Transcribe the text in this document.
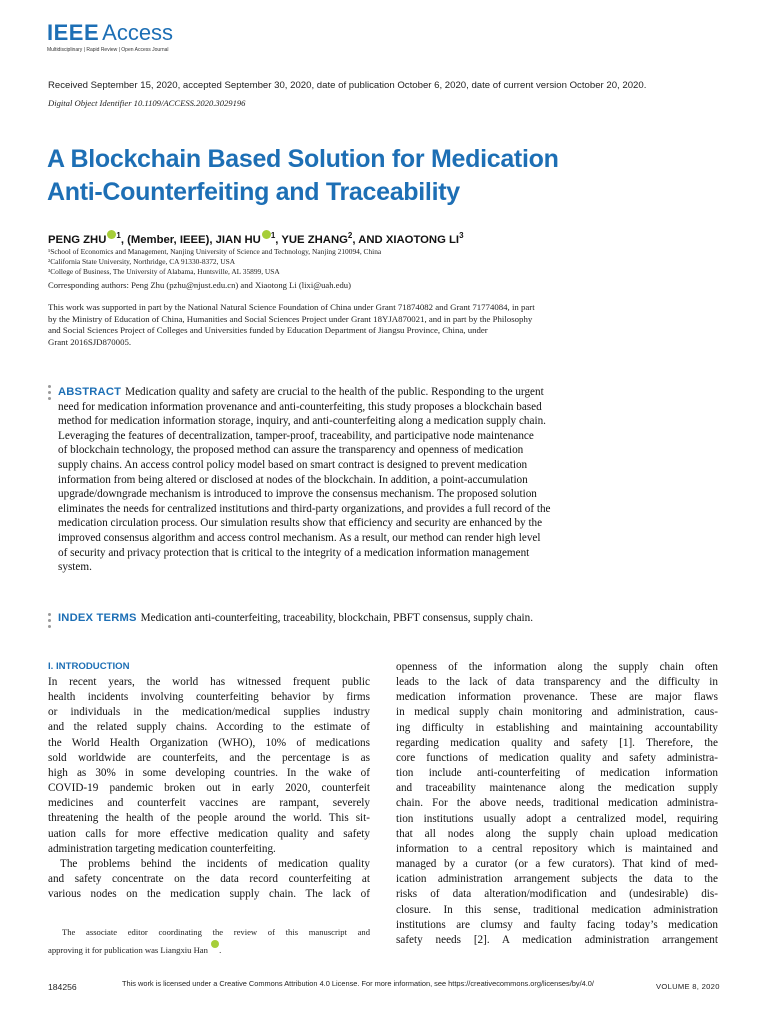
IEEE Access
Multidisciplinary | Rapid Review | Open Access Journal
Received September 15, 2020, accepted September 30, 2020, date of publication October 6, 2020, date of current version October 20, 2020.
Digital Object Identifier 10.1109/ACCESS.2020.3029196
A Blockchain Based Solution for Medication
Anti-Counterfeiting and Traceability
PENG ZHU $^1$, (Member, IEEE), JIAN HU $^1$, YUE ZHANG$^2$, AND XIAOTONG $LI^3$
¹School of Economics and Management, Nanjing University of Science and Technology, Nanjing 210094, China
²California State University, Northridge, CA 91330-8372, USA
³College of Business, The University of Alabama, Huntsville, AL 35899, USA
Corresponding authors: Peng Zhu (pzhu@njust.edu.cn) and Xiaotong Li (lixi@uah.edu)
This work was supported in part by the National Natural Science Foundation of China under Grant 71874082 and Grant 71774084, in part
by the Ministry of Education of China, Humanities and Social Sciences Project under Grant 18YJA870021, and in part by the Philosophy
and Social Sciences Project of Colleges and Universities funded by Education Department of Jiangsu Province, China, under
Grant 2016SJD870005.
ABSTRACT Medication quality and safety are crucial to the health of the public. Responding to the urgent
need for medication information provenance and anti-counterfeiting, this study proposes a blockchain based
method for medication information storage, inquiry, and anti-counterfeiting along a medication supply chain.
Leveraging the features of decentralization, tamper-proof, traceability, and participative node maintenance
of blockchain technology, the proposed method can assure the transparency and openness of medication
supply chains. An access control policy model based on smart contract is designed to prevent medication
information from being altered or disclosed at nodes of the blockchain. In addition, a point-accumulation
upgrade/downgrade mechanism is introduced to improve the consensus mechanism. The proposed solution
eliminates the needs for centralized institutions and third-party organizations, and provides a full record of the
medication circulation process. Our simulation results show that efficiency and security are enhanced by the
improved consensus algorithm and access control mechanism. As a result, our method can render high level
of security and privacy protection that is critical to the integrity of a medication information management
system.
INDEX TERMS Medication anti-counterfeiting, traceability, blockchain, PBFT consensus, supply chain.
I. INTRODUCTION
In recent years, the world has witnessed frequent public
health incidents involving counterfeiting behavior by firms
or individuals in the medication/medical supplies industry
and the related supply chains. According to the estimate of
the World Health Organization (WHO), 10% of medications
sold worldwide are counterfeits, and the percentage is as
high as 30% in some developing countries. In the wake of
COVID-19 pandemic broken out in early 2020, counterfeit
medicines and counterfeit vaccines are rampant, severely
threatening the health of the people around the world. This sit-
uation calls for more effective medication quality and safety
administration targeting medication counterfeiting.
The problems behind the incidents of medication quality
and safety concentrate on the data record counterfeiting at
various nodes on the medication supply chain. The lack of
The associate editor coordinating the review of this manuscript and
approving it for publication was Liangxiu Han .
openness of the information along the supply chain often
leads to the lack of data transparency and the difficulty in
medication information provenance. These are major flaws
in medical supply chain monitoring and administration, caus-
ing difficulty in establishing and maintaining accountability
regarding medication quality and safety [1]. Therefore, the
core functions of medication quality and safety administra-
tion include anti-counterfeiting of medication information
and traceability maintenance along the medication supply
chain. For the above needs, traditional medication administra-
tion institutions usually adopt a centralized model, requiring
that all nodes along the supply chain upload medication
information to a central repository which is maintained and
managed by a curator (or a few curators). That kind of med-
ication administration arrangement subjects the data to the
risks of data alteration/modification and (undesirable) dis-
closure. In this sense, traditional medication administration
institutions are clumsy and faulty facing today’s medication
safety needs [2]. A medication administration arrangement
184256	This work is licensed under a Creative Commons Attribution 4.0 License. For more information, see https://creativecommons.org/licenses/by/4.0/	VOLUME 8, 2020
